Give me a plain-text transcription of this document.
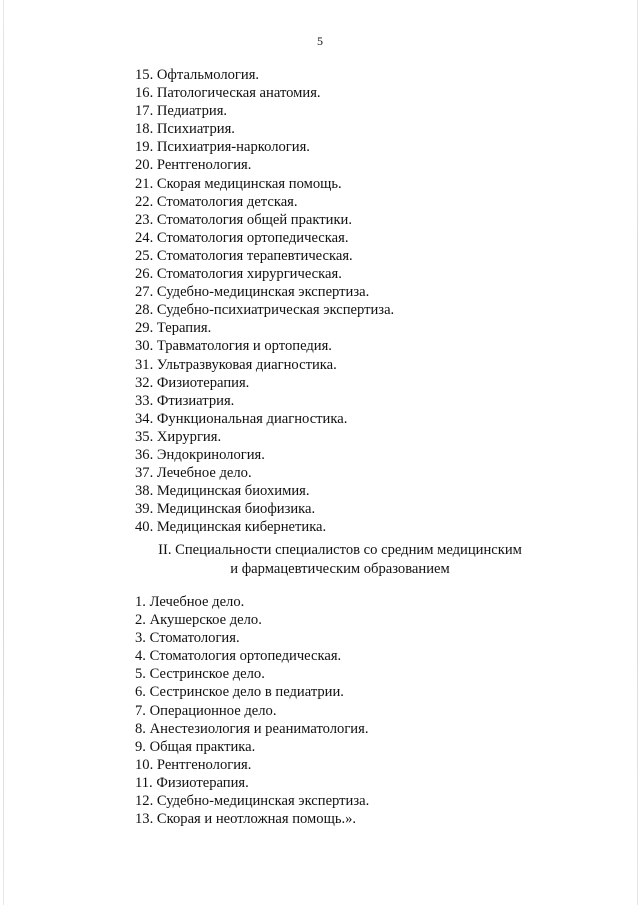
5
15. Офтальмология.
16. Патологическая анатомия.
17. Педиатрия.
18. Психиатрия.
19. Психиатрия-наркология.
20. Рентгенология.
21. Скорая медицинская помощь.
22. Стоматология детская.
23. Стоматология общей практики.
24. Стоматология ортопедическая.
25. Стоматология терапевтическая.
26. Стоматология хирургическая.
27. Судебно-медицинская экспертиза.
28. Судебно-психиатрическая экспертиза.
29. Терапия.
30. Травматология и ортопедия.
31. Ультразвуковая диагностика.
32. Физиотерапия.
33. Фтизиатрия.
34. Функциональная диагностика.
35. Хирургия.
36. Эндокринология.
37. Лечебное дело.
38. Медицинская биохимия.
39. Медицинская биофизика.
40. Медицинская кибернетика.
II. Специальности специалистов со средним медицинским
и фармацевтическим образованием
1. Лечебное дело.
2. Акушерское дело.
3. Стоматология.
4. Стоматология ортопедическая.
5. Сестринское дело.
6. Сестринское дело в педиатрии.
7. Операционное дело.
8. Анестезиология и реаниматология.
9. Общая практика.
10. Рентгенология.
11. Физиотерапия.
12. Судебно-медицинская экспертиза.
13. Скорая и неотложная помощь.».
